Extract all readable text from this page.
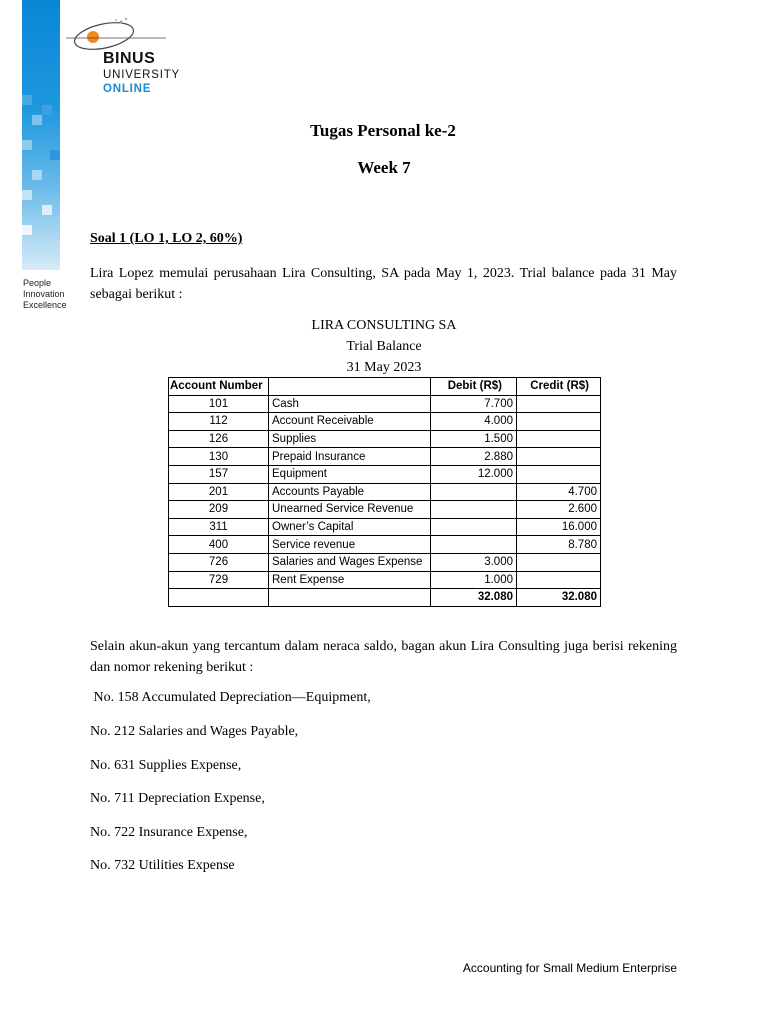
BINUS
UNIVERSITY
ONLINE
People
Innovation
Excellence
Tugas Personal ke-2
Week 7
Soal 1 (LO 1, LO 2, 60%)
Lira Lopez memulai perusahaan Lira Consulting, SA pada May 1, 2023. Trial balance pada 31 May sebagai berikut :
LIRA CONSULTING SA
Trial Balance
31 May 2023
Account Number		Debit (R$)	Credit (R$)
101	Cash	7.700	
112	Account Receivable	4.000	
126	Supplies	1.500	
130	Prepaid Insurance	2.880	
157	Equipment	12.000	
201	Accounts Payable		4.700
209	Unearned Service Revenue		2.600
311	Owner’s Capital		16.000
400	Service revenue		8.780
726	Salaries and Wages Expense	3.000	
729	Rent Expense	1.000	
		32.080	32.080
No. 158 Accumulated Depreciation—Equipment,
No. 212 Salaries and Wages Payable,
No. 631 Supplies Expense,
No. 711 Depreciation Expense,
No. 722 Insurance Expense,
No. 732 Utilities Expense
Selain akun-akun yang tercantum dalam neraca saldo, bagan akun Lira Consulting juga berisi rekening dan nomor rekening berikut :
Accounting for Small Medium Enterprise
